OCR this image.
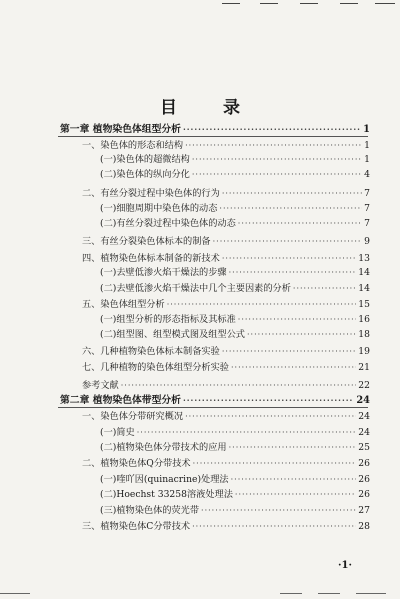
目 录
第一章 植物染色体组型分析 ·····	1
一、染色体的形态和结构 ·····	1
(一)染色体的超微结构 ·····	1
(二)染色体的纵向分化 ·····	4
二、有丝分裂过程中染色体的行为 ·····	7
(一)细胞周期中染色体的动态 ·····	7
(二)有丝分裂过程中染色体的动态 ·····	7
三、有丝分裂染色体标本的制备 ·····	9
四、植物染色体标本制备的新技术 ·····	13
(一)去壁低渗火焰干燥法的步骤 ·····	14
(二)去壁低渗火焰干燥法中几个主要因素的分析 ·····	14
五、染色体组型分析 ·····	15
(一)组型分析的形态指标及其标准 ·····	16
(二)组型图、组型模式图及组型公式 ·····	18
六、几种植物染色体标本制备实验 ·····	19
七、几种植物的染色体组型分析实验 ·····	21
参考文献 ·····	22
第二章 植物染色体带型分析 ·····	24
一、染色体分带研究概况 ·····	24
(一)简史 ·····	24
(二)植物染色体分带技术的应用 ·····	25
二、植物染色体Q分带技术 ·····	26
(一)喹吖因(quinacrine)处理法 ·····	26
(二)Hoechst 33258溶液处理法 ·····	26
(三)植物染色体的荧光带 ·····	27
三、植物染色体C分带技术 ·····	28
·1·
